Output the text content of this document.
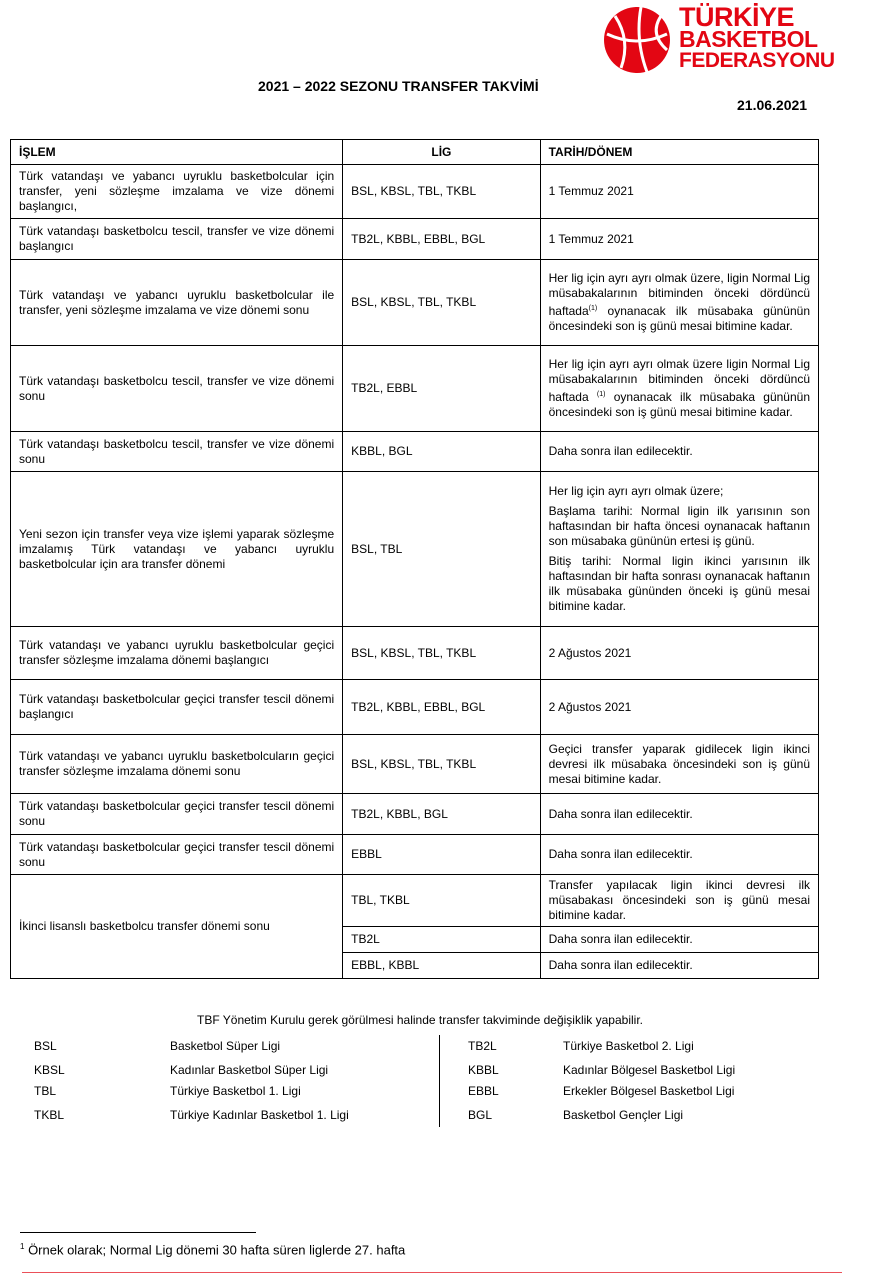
TÜRKİYE
BASKETBOL
FEDERASYONU
2021 – 2022 SEZONU TRANSFER TAKVİMİ
21.06.2021
İŞLEM	LİG	TARİH/DÖNEM
Türk vatandaşı ve yabancı uyruklu basketbolcular için transfer, yeni sözleşme imzalama ve vize dönemi başlangıcı,	BSL, KBSL, TBL, TKBL	1 Temmuz 2021
Türk vatandaşı basketbolcu tescil, transfer ve vize dönemi başlangıcı	TB2L, KBBL, EBBL, BGL	1 Temmuz 2021
Türk vatandaşı ve yabancı uyruklu basketbolcular ile transfer, yeni sözleşme imzalama ve vize dönemi sonu	BSL, KBSL, TBL, TKBL	Her lig için ayrı ayrı olmak üzere, ligin Normal Lig müsabakalarının bitiminden önceki dördüncü haftada$^{(1)}$ oynanacak ilk müsabaka gününün öncesindeki son iş günü mesai bitimine kadar.
Türk vatandaşı basketbolcu tescil, transfer ve vize dönemi sonu	TB2L, EBBL	Her lig için ayrı ayrı olmak üzere ligin Normal Lig müsabakalarının bitiminden önceki dördüncü haftada $^{(1)}$ oynanacak ilk müsabaka gününün öncesindeki son iş günü mesai bitimine kadar.
Türk vatandaşı basketbolcu tescil, transfer ve vize dönemi sonu	KBBL, BGL	Daha sonra ilan edilecektir.
Yeni sezon için transfer veya vize işlemi yaparak sözleşme imzalamış Türk vatandaşı ve yabancı uyruklu basketbolcular için ara transfer dönemi	BSL, TBL	Her lig için ayrı ayrı olmak üzere;
Başlama tarihi: Normal ligin ilk yarısının son haftasından bir hafta öncesi oynanacak haftanın son müsabaka gününün ertesi iş günü.
Bitiş tarihi: Normal ligin ikinci yarısının ilk haftasından bir hafta sonrası oynanacak haftanın ilk müsabaka gününden önceki iş günü mesai bitimine kadar.

Türk vatandaşı ve yabancı uyruklu basketbolcular geçici transfer sözleşme imzalama dönemi başlangıcı	BSL, KBSL, TBL, TKBL	2 Ağustos 2021
Türk vatandaşı basketbolcular geçici transfer tescil dönemi başlangıcı	TB2L, KBBL, EBBL, BGL	2 Ağustos 2021
Türk vatandaşı ve yabancı uyruklu basketbolcuların geçici transfer sözleşme imzalama dönemi sonu	BSL, KBSL, TBL, TKBL	Geçici transfer yaparak gidilecek ligin ikinci devresi ilk müsabaka öncesindeki son iş günü mesai bitimine kadar.
Türk vatandaşı basketbolcular geçici transfer tescil dönemi sonu	TB2L, KBBL, BGL	Daha sonra ilan edilecektir.
Türk vatandaşı basketbolcular geçici transfer tescil dönemi sonu	EBBL	Daha sonra ilan edilecektir.
İkinci lisanslı basketbolcu transfer dönemi sonu	TBL, TKBL	Transfer yapılacak ligin ikinci devresi ilk müsabakası öncesindeki son iş günü mesai bitimine kadar.
	TB2L	Daha sonra ilan edilecektir.
	EBBL, KBBL	Daha sonra ilan edilecektir.
TBF Yönetim Kurulu gerek görülmesi halinde transfer takviminde değişiklik yapabilir.
BSL	Basketbol Süper Ligi
KBSL	Kadınlar Basketbol Süper Ligi
TBL	Türkiye Basketbol 1. Ligi
TKBL	Türkiye Kadınlar Basketbol 1. Ligi
TB2L	Türkiye Basketbol 2. Ligi
KBBL	Kadınlar Bölgesel Basketbol Ligi
EBBL	Erkekler Bölgesel Basketbol Ligi
BGL	Basketbol Gençler Ligi
$^1$ Örnek olarak; Normal Lig dönemi 30 hafta süren liglerde 27. hafta
